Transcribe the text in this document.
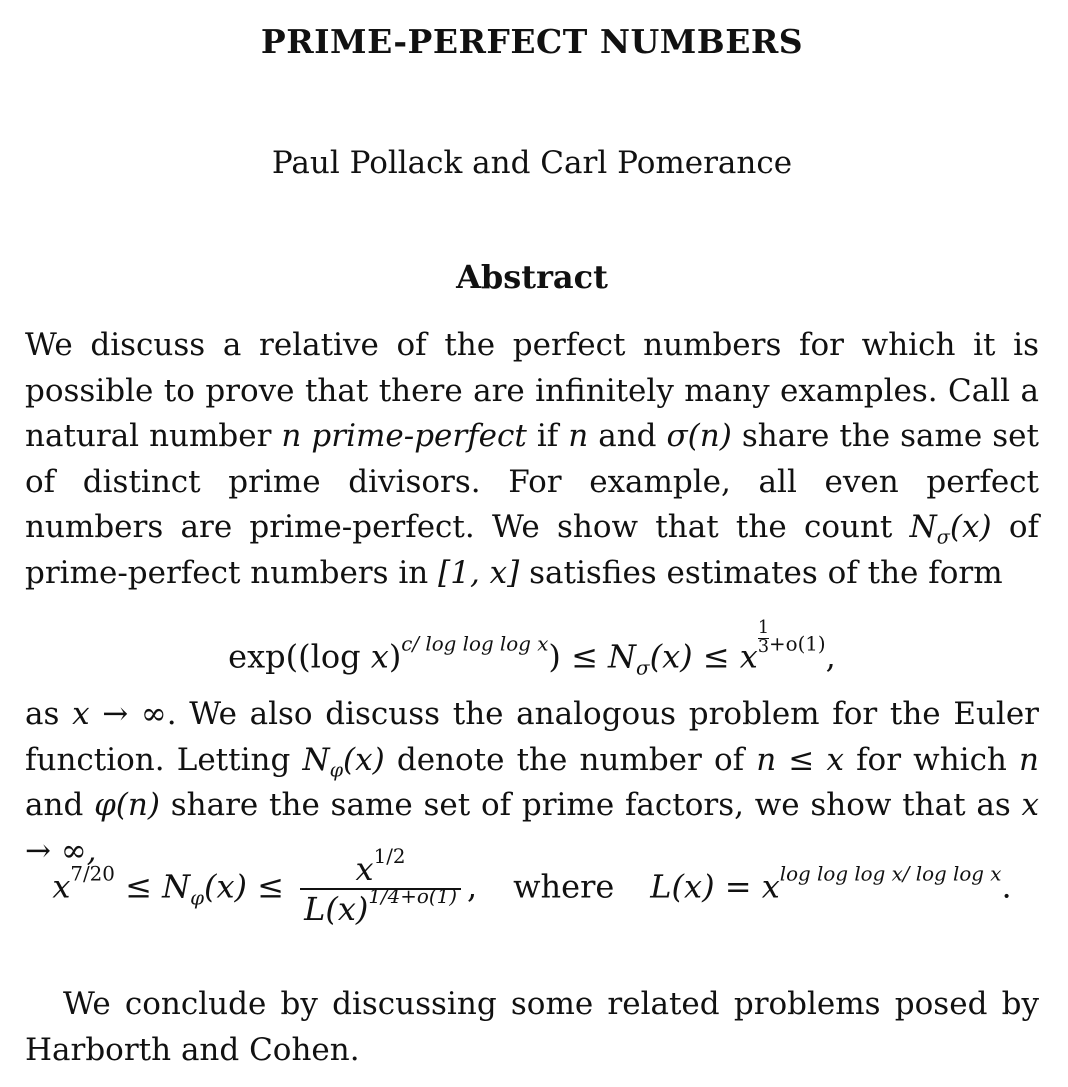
PRIME-PERFECT NUMBERS
Paul Pollack and Carl Pomerance
Abstract
We discuss a relative of the perfect numbers for which it is possible to prove that there are infinitely many examples. Call a natural number n prime-perfect if n and σ(n) share the same set of distinct prime divisors. For example, all even perfect numbers are prime-perfect. We show that the count $N_\sigma(x)$ of prime-perfect numbers in [1, x] satisfies estimates of the form
exp((log $x)^{c/ log log log x}) \le N_\sigma(x) \le x \frac{1}{3} ^{+o(1)}$,
as x → ∞. We also discuss the analogous problem for the Euler function. Letting $N_\varphi(x)$ denote the number of n ≤ x for which n and φ(n) share the same set of prime factors, we show that as x → ∞,
$x^{7/20} \le N_\varphi(x) \le \frac{x^{1/2}}{L(x)^{1/4+o(1)}}$ , where $L(x) = x^{log log log x/ log log x}$.
We conclude by discussing some related problems posed by Harborth and Cohen.
